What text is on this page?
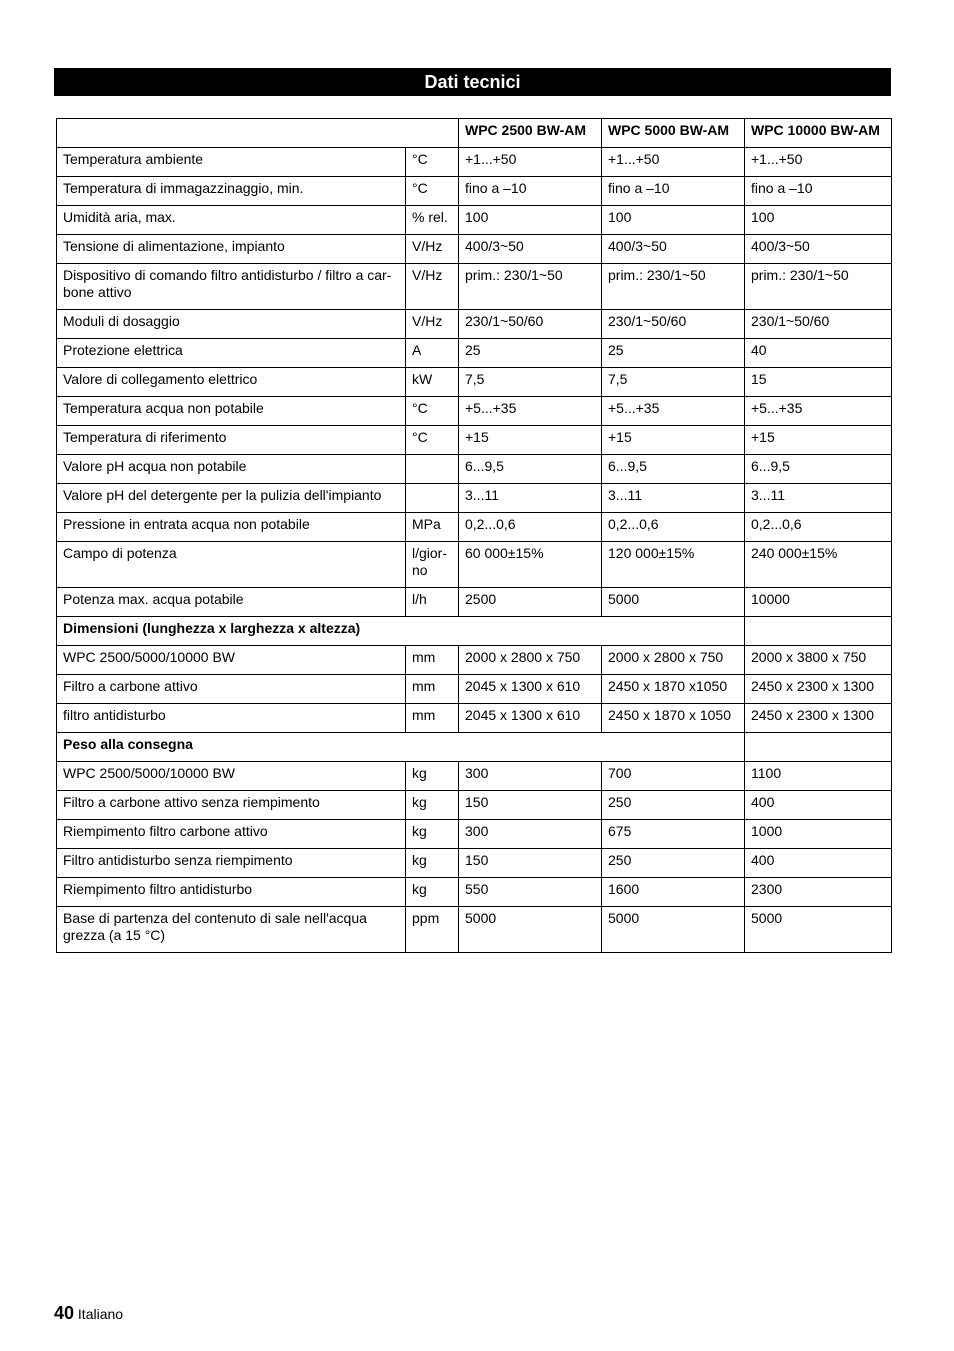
Dati tecnici
		WPC 2500 BW-AM	WPC 5000 BW-AM	WPC 10000 BW-AM
Temperatura ambiente	°C	+1...+50	+1...+50	+1...+50
Temperatura di immagazzinaggio, min.	°C	fino a –10	fino a –10	fino a –10
Umidità aria, max.	% rel.	100	100	100
Tensione di alimentazione, impianto	V/Hz	400/3~50	400/3~50	400/3~50
Dispositivo di comando filtro antidisturbo / filtro a car-bone attivo	V/Hz	prim.: 230/1~50	prim.: 230/1~50	prim.: 230/1~50
Moduli di dosaggio	V/Hz	230/1~50/60	230/1~50/60	230/1~50/60
Protezione elettrica	A	25	25	40
Valore di collegamento elettrico	kW	7,5	7,5	15
Temperatura acqua non potabile	°C	+5...+35	+5...+35	+5...+35
Temperatura di riferimento	°C	+15	+15	+15
Valore pH acqua non potabile		6...9,5	6...9,5	6...9,5
Valore pH del detergente per la pulizia dell'impianto		3...11	3...11	3...11
Pressione in entrata acqua non potabile	MPa	0,2...0,6	0,2...0,6	0,2...0,6
Campo di potenza	l/gior-no	60 000±15%	120 000±15%	240 000±15%
Potenza max. acqua potabile	l/h	2500	5000	10000
Dimensioni (lunghezza x larghezza x altezza)				
WPC 2500/5000/10000 BW	mm	2000 x 2800 x 750	2000 x 2800 x 750	2000 x 3800 x 750
Filtro a carbone attivo	mm	2045 x 1300 x 610	2450 x 1870 x1050	2450 x 2300 x 1300
filtro antidisturbo	mm	2045 x 1300 x 610	2450 x 1870 x 1050	2450 x 2300 x 1300
Peso alla consegna				
WPC 2500/5000/10000 BW	kg	300	700	1100
Filtro a carbone attivo senza riempimento	kg	150	250	400
Riempimento filtro carbone attivo	kg	300	675	1000
Filtro antidisturbo senza riempimento	kg	150	250	400
Riempimento filtro antidisturbo	kg	550	1600	2300
Base di partenza del contenuto di sale nell'acqua grezza (a 15 °C)	ppm	5000	5000	5000
40 Italiano
